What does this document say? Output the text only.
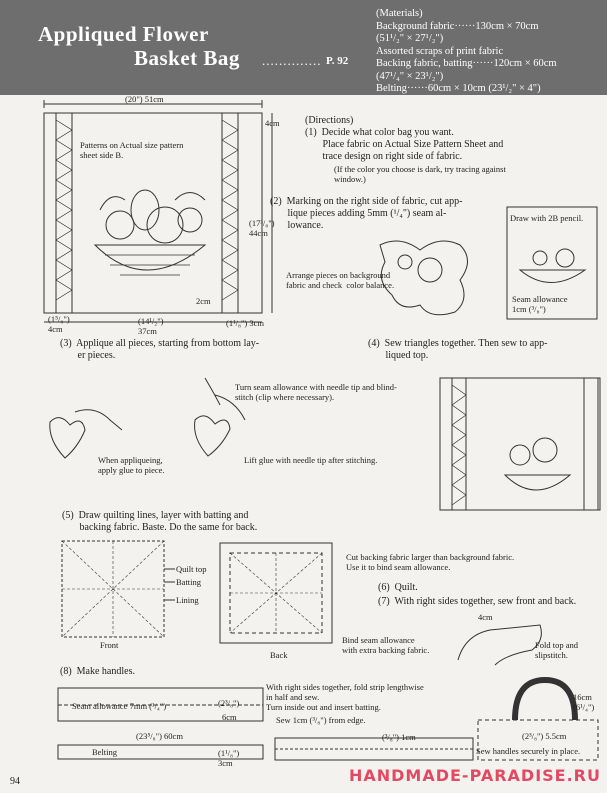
Appliqued Flower
Basket Bag .............. P. 92
(Materials)
Background fabric······130cm × 70cm
(51¹/₂" × 27¹/₂")
Assorted scraps of print fabric
Backing fabric, batting······120cm × 60cm
(47¹/₄" × 23¹/₂")
Belting······60cm × 10cm (23¹/₂" × 4")
(20") 51cm
4cm
Patterns on Actual size pattern
sheet side B.
(17³/₈")
44cm
2cm
(1⁵/₈")
4cm
(14¹/₂")
37cm
(1¹/₈") 3cm
(Directions)
(1)  Decide what color bag you want.
Place fabric on Actual Size Pattern Sheet and
trace design on right side of fabric.
(If the color you choose is dark, try tracing against
window.)
(2)  Marking on the right side of fabric, cut app-
lique pieces adding 5mm (¹/₄") seam al-
lowance.
Draw with 2B pencil.
Arrange pieces on background
fabric and check  color balance.
Seam allowance
1cm (³/₈")
(3)  Applique all pieces, starting from bottom lay-
er pieces.
(4)  Sew triangles together. Then sew to app-
liqued top.
Turn seam allowance with needle tip and blind-
stitch (clip where necessary).
When appliqueing,
apply glue to piece.
Lift glue with needle tip after stitching.
(5)  Draw quilting lines, layer with batting and
backing fabric. Baste. Do the same for back.
Quilt top
Batting
Lining
Front
Back
Cut backing fabric larger than background fabric.
Use it to bind seam allowance.
(6)  Quilt.
(7)  With right sides together, sew front and back.
Bind seam allowance
with extra backing fabric.
4cm
Fold top and
slipstitch.
(8)  Make handles.
With right sides together, fold strip lengthwise
in half and sew.
Turn inside out and insert batting.
Sew 1cm (³/₈") from edge.
Seam allowance 7mm (¹/₄")	(2³/₈")
6cm
(23⁵/₈") 60cm
Belting	(1¹/₈")
3cm
(³/₈") 1cm
16cm
(6¹/₄")
(2³/₈") 5.5cm
Sew handles securely in place.
94	HANDMADE-PARADISE.RU
